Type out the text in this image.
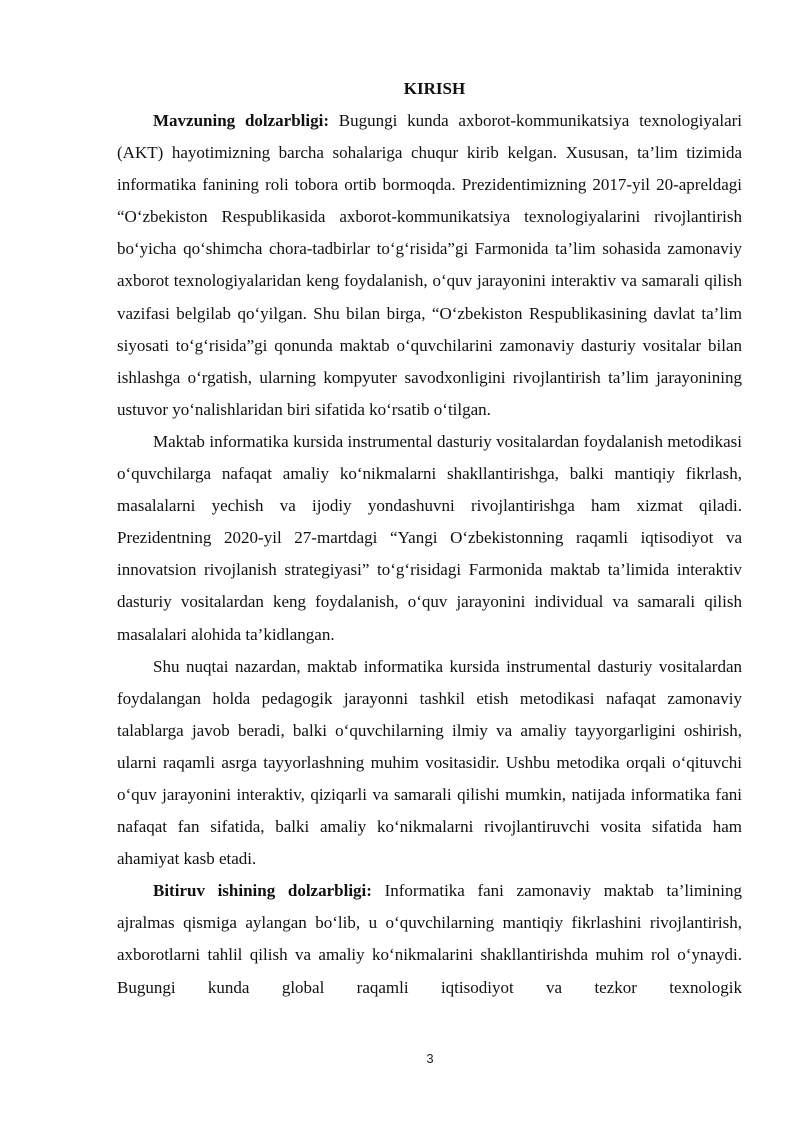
KIRISH

Mavzuning dolzarbligi: Bugungi kunda axborot-kommunikatsiya texnologiyalari (AKT) hayotimizning barcha sohalariga chuqur kirib kelgan. Xususan, ta’lim tizimida informatika fanining roli tobora ortib bormoqda. Prezidentimizning 2017-yil 20-apreldagi “O‘zbekiston Respublikasida axborot-kommunikatsiya texnologiyalarini rivojlantirish bo‘yicha qo‘shimcha chora-tadbirlar to‘g‘risida”gi Farmonida ta’lim sohasida zamonaviy axborot texnologiyalaridan keng foydalanish, o‘quv jarayonini interaktiv va samarali qilish vazifasi belgilab qo‘yilgan. Shu bilan birga, “O‘zbekiston Respublikasining davlat ta’lim siyosati to‘g‘risida”gi qonunda maktab o‘quvchilarini zamonaviy dasturiy vositalar bilan ishlashga o‘rgatish, ularning kompyuter savodxonligini rivojlantirish ta’lim jarayonining ustuvor yo‘nalishlaridan biri sifatida ko‘rsatib o‘tilgan.

Maktab informatika kursida instrumental dasturiy vositalardan foydalanish metodikasi o‘quvchilarga nafaqat amaliy ko‘nikmalarni shakllantirishga, balki mantiqiy fikrlash, masalalarni yechish va ijodiy yondashuvni rivojlantirishga ham xizmat qiladi. Prezidentning 2020-yil 27-martdagi “Yangi O‘zbekistonning raqamli iqtisodiyot va innovatsion rivojlanish strategiyasi” to‘g‘risidagi Farmonida maktab ta’limida interaktiv dasturiy vositalardan keng foydalanish, o‘quv jarayonini individual va samarali qilish masalalari alohida ta’kidlangan.

Shu nuqtai nazardan, maktab informatika kursida instrumental dasturiy vositalardan foydalangan holda pedagogik jarayonni tashkil etish metodikasi nafaqat zamonaviy talablarga javob beradi, balki o‘quvchilarning ilmiy va amaliy tayyorgarligini oshirish, ularni raqamli asrga tayyorlashning muhim vositasidir. Ushbu metodika orqali o‘qituvchi o‘quv jarayonini interaktiv, qiziqarli va samarali qilishi mumkin, natijada informatika fani nafaqat fan sifatida, balki amaliy ko‘nikmalarni rivojlantiruvchi vosita sifatida ham ahamiyat kasb etadi.

Bitiruv ishining dolzarbligi: Informatika fani zamonaviy maktab ta’limining ajralmas qismiga aylangan bo‘lib, u o‘quvchilarning mantiqiy fikrlashini rivojlantirish, axborotlarni tahlil qilish va amaliy ko‘nikmalarini shakllantirishda muhim rol o‘ynaydi. Bugungi kunda global raqamli iqtisodiyot va tezkor texnologik

3
